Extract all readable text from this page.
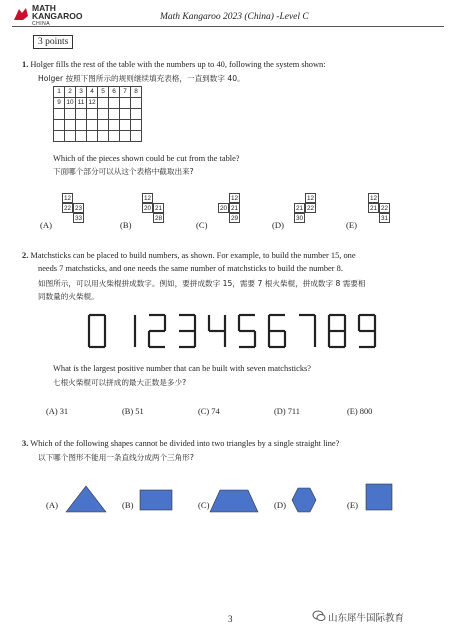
MATH
KANGAROO
CHINA
Math Kangaroo 2023 (China) -Level C
3 points
1. Holger fills the rest of the table with the numbers up to 40, following the system shown:
Holger 按照下图所示的规则继续填充表格，一直到数字 40。
1	2	3	4	5	6	7	8
9	10	11	12				

Which of the pieces shown could be cut from the table?
下面哪个部分可以从这个表格中截取出来?
(A)
12
22 23
33
(B)
12
20 21
28
(C)
12
20 21
29
(D)
12
21 22
30
(E)
12
21 22
31
2. Matchsticks can be placed to build numbers, as shown. For example, to build the number 15, one
needs 7 matchsticks, and one needs the same number of matchsticks to build the number 8.
如图所示，可以用火柴棍拼成数字。例如，要拼成数字 15，需要 7 根火柴棍，拼成数字 8 需要相
同数量的火柴棍。
What is the largest positive number that can be built with seven matchsticks?
七根火柴棍可以拼成的最大正数是多少?
(A) 31	(B) 51	(C) 74	(D) 711	(E) 800
3. Which of the following shapes cannot be divided into two triangles by a single straight line?
以下哪个图形不能用一条直线分成两个三角形?
(A)	(B)	(C)	(D)	(E)
3	山东犀牛国际教育
